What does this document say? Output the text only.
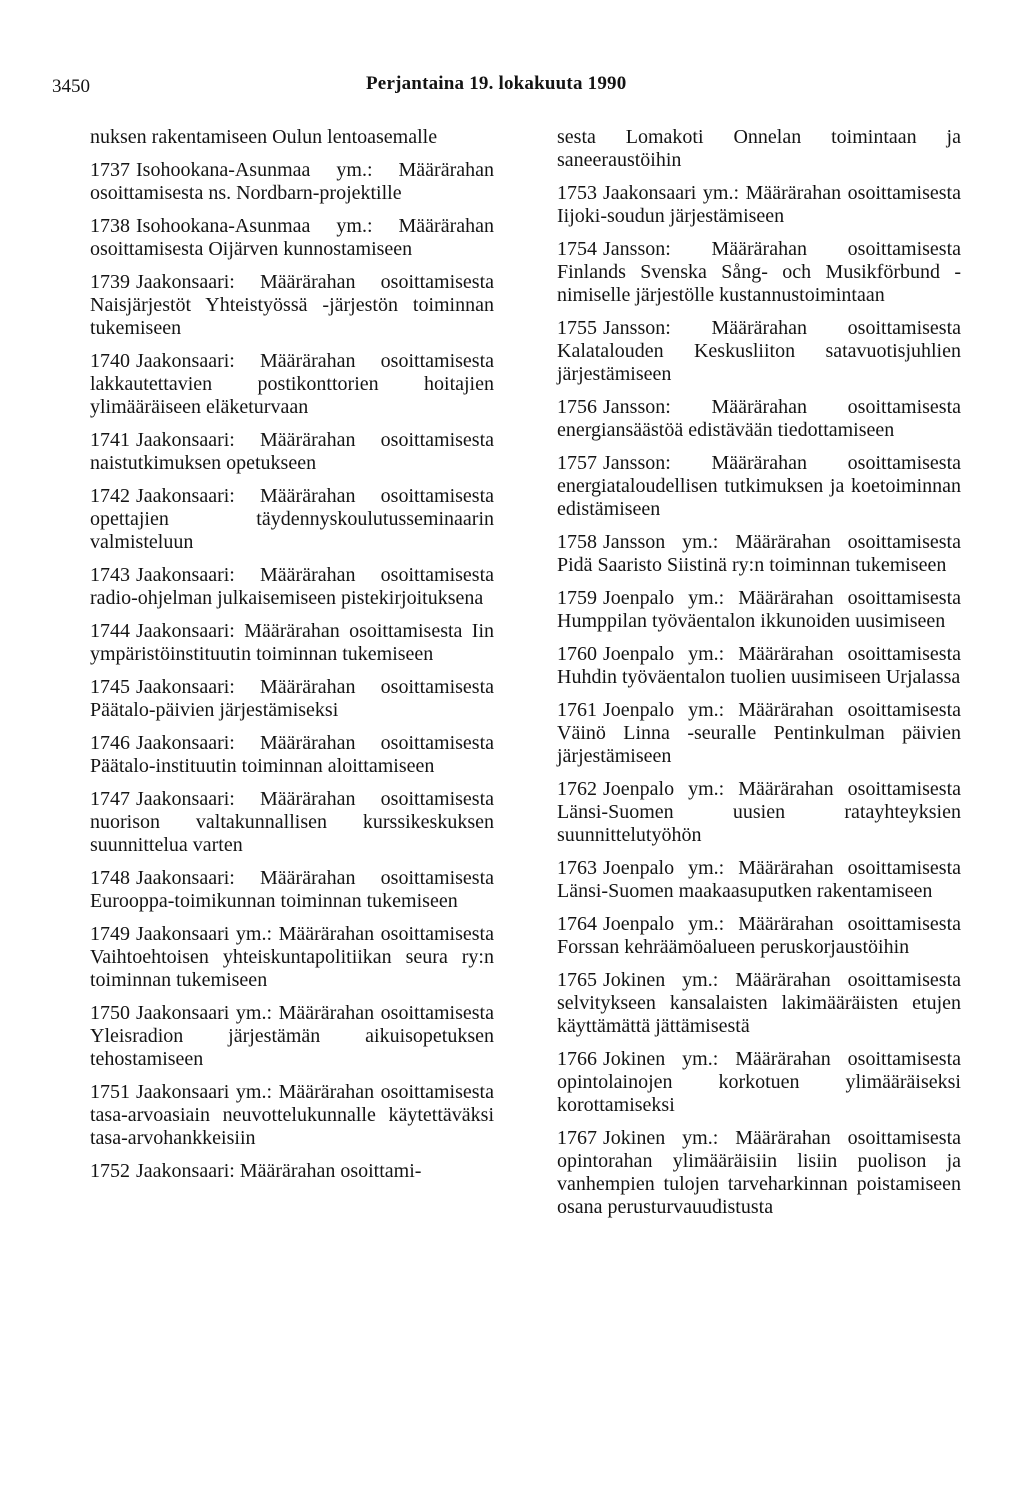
3450	Perjantaina 19. lokakuuta 1990

nuksen rakentamiseen Oulun lentoasemalle

1737 Isohookana-Asunmaa ym.: Määrärahan osoittamisesta ns. Nordbarn-projektille

1738 Isohookana-Asunmaa ym.: Määrärahan osoittamisesta Oijärven kunnostamiseen

1739 Jaakonsaari: Määrärahan osoittamisesta Naisjärjestöt Yhteistyössä -järjestön toiminnan tukemiseen

1740 Jaakonsaari: Määrärahan osoittamisesta lakkautettavien postikonttorien hoitajien ylimääräiseen eläketurvaan

1741 Jaakonsaari: Määrärahan osoittamisesta naistutkimuksen opetukseen

1742 Jaakonsaari: Määrärahan osoittamisesta opettajien täydennyskoulutusseminaarin valmisteluun

1743 Jaakonsaari: Määrärahan osoittamisesta radio-ohjelman julkaisemiseen pistekirjoituksena

1744 Jaakonsaari: Määrärahan osoittamisesta Iin ympäristöinstituutin toiminnan tukemiseen

1745 Jaakonsaari: Määrärahan osoittamisesta Päätalo-päivien järjestämiseksi

1746 Jaakonsaari: Määrärahan osoittamisesta Päätalo-instituutin toiminnan aloittamiseen

1747 Jaakonsaari: Määrärahan osoittamisesta nuorison valtakunnallisen kurssikeskuksen suunnittelua varten

1748 Jaakonsaari: Määrärahan osoittamisesta Eurooppa-toimikunnan toiminnan tukemiseen

1749 Jaakonsaari ym.: Määrärahan osoittamisesta Vaihtoehtoisen yhteiskuntapolitiikan seura ry:n toiminnan tukemiseen

1750 Jaakonsaari ym.: Määrärahan osoittamisesta Yleisradion järjestämän aikuisopetuksen tehostamiseen

1751 Jaakonsaari ym.: Määrärahan osoittamisesta tasa-arvoasiain neuvottelukunnalle käytettäväksi tasa-arvohankkeisiin

1752 Jaakonsaari: Määrärahan osoittami-

sesta Lomakoti Onnelan toimintaan ja saneeraustöihin

1753 Jaakonsaari ym.: Määrärahan osoittamisesta Iijoki-soudun järjestämiseen

1754 Jansson: Määrärahan osoittamisesta Finlands Svenska Sång- och Musikförbund -nimiselle järjestölle kustannustoimintaan

1755 Jansson: Määrärahan osoittamisesta Kalatalouden Keskusliiton satavuotisjuhlien järjestämiseen

1756 Jansson: Määrärahan osoittamisesta energiansäästöä edistävään tiedottamiseen

1757 Jansson: Määrärahan osoittamisesta energiataloudellisen tutkimuksen ja koetoiminnan edistämiseen

1758 Jansson ym.: Määrärahan osoittamisesta Pidä Saaristo Siistinä ry:n toiminnan tukemiseen

1759 Joenpalo ym.: Määrärahan osoittamisesta Humppilan työväentalon ikkunoiden uusimiseen

1760 Joenpalo ym.: Määrärahan osoittamisesta Huhdin työväentalon tuolien uusimiseen Urjalassa

1761 Joenpalo ym.: Määrärahan osoittamisesta Väinö Linna -seuralle Pentinkulman päivien järjestämiseen

1762 Joenpalo ym.: Määrärahan osoittamisesta Länsi-Suomen uusien ratayhteyksien suunnittelutyöhön

1763 Joenpalo ym.: Määrärahan osoittamisesta Länsi-Suomen maakaasuputken rakentamiseen

1764 Joenpalo ym.: Määrärahan osoittamisesta Forssan kehräämöalueen peruskorjaustöihin

1765 Jokinen ym.: Määrärahan osoittamisesta selvitykseen kansalaisten lakimääräisten etujen käyttämättä jättämisestä

1766 Jokinen ym.: Määrärahan osoittamisesta opintolainojen korkotuen ylimääräiseksi korottamiseksi

1767 Jokinen ym.: Määrärahan osoittamisesta opintorahan ylimääräisiin lisiin puolison ja vanhempien tulojen tarveharkinnan poistamiseen osana perusturvauudistusta
